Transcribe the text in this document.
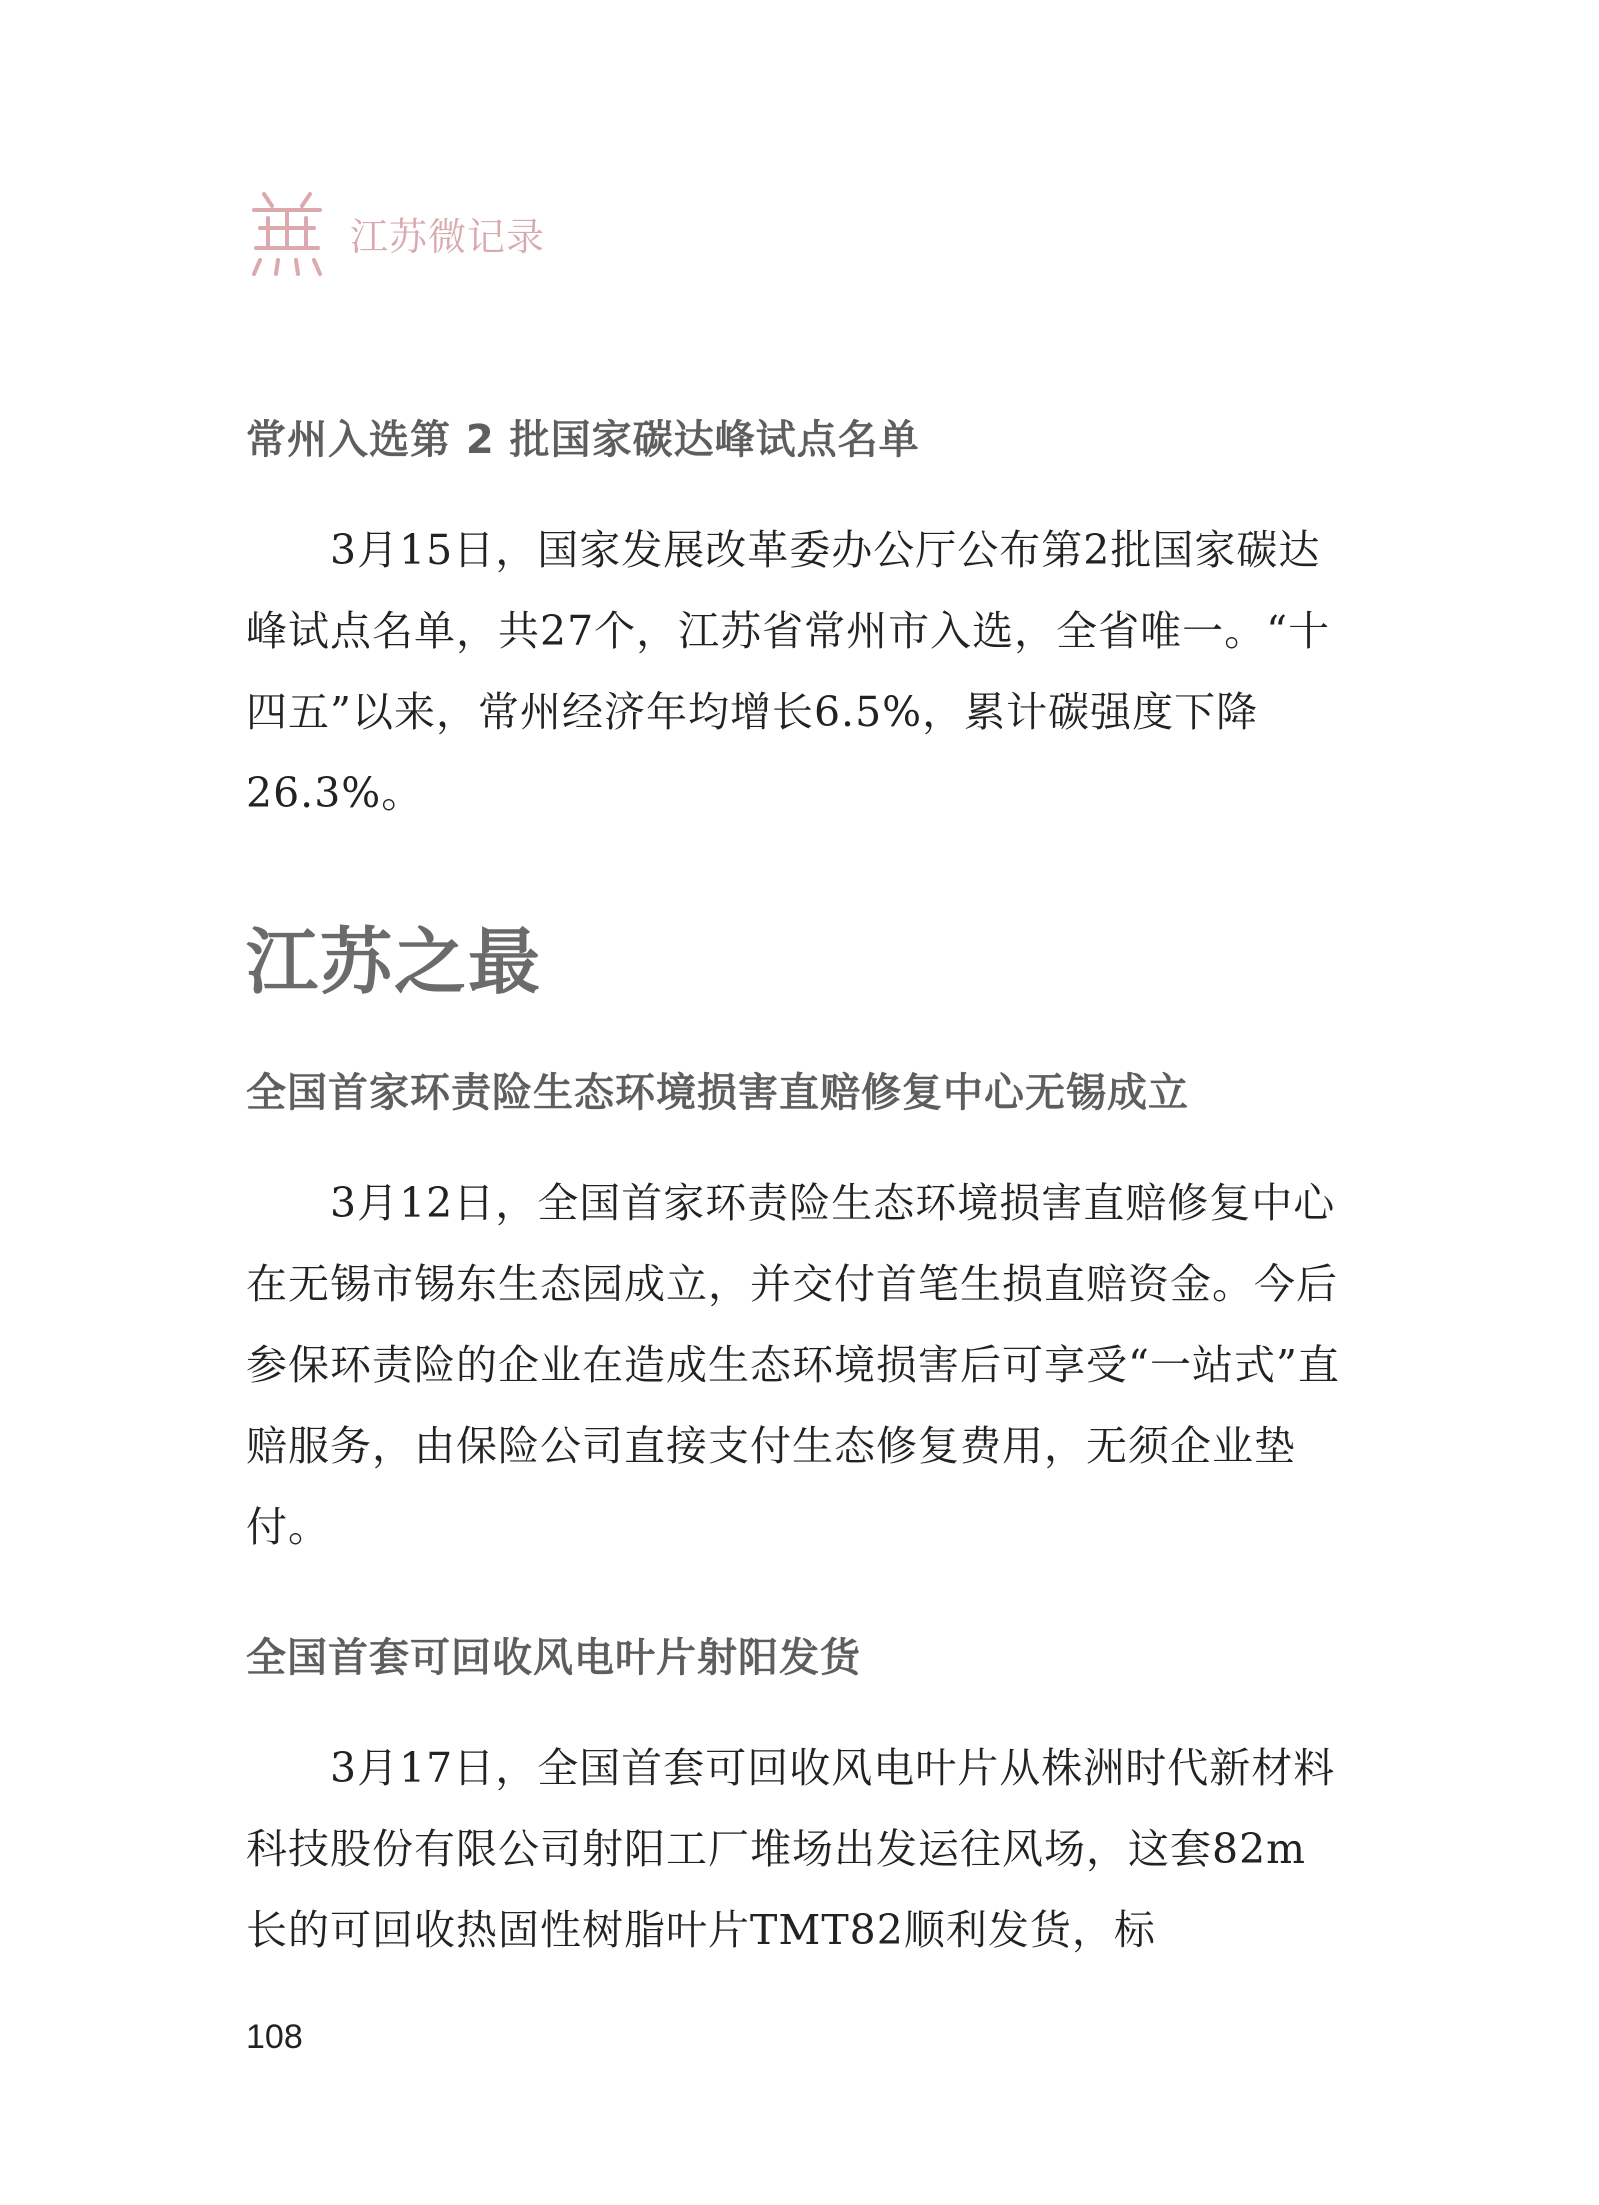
江苏微记录
常州入选第 2 批国家碳达峰试点名单

3月15日，国家发展改革委办公厅公布第2批国家碳达峰试点名单，共27个，江苏省常州市入选，全省唯一。“十四五”以来，常州经济年均增长6.5%，累计碳强度下降26.3%。

江苏之最
全国首家环责险生态环境损害直赔修复中心无锡成立

3月12日，全国首家环责险生态环境损害直赔修复中心在无锡市锡东生态园成立，并交付首笔生损直赔资金。今后参保环责险的企业在造成生态环境损害后可享受“一站式”直赔服务，由保险公司直接支付生态修复费用，无须企业垫付。

全国首套可回收风电叶片射阳发货

3月17日，全国首套可回收风电叶片从株洲时代新材料科技股份有限公司射阳工厂堆场出发运往风场，这套82m长的可回收热固性树脂叶片TMT82顺利发货，标

108
